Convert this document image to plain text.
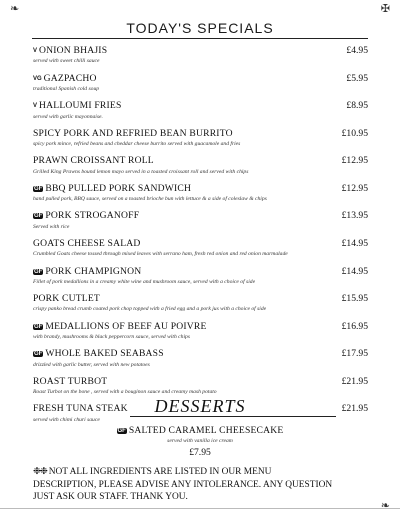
❧	✠
❧
TODAY'S SPECIALS
V ONION BHAJIS	£4.95
served with sweet chilli sauce
VG GAZPACHO	£5.95
traditional Spanish cold soup
V HALLOUMI FRIES	£8.95
served with garlic mayonnaise.
SPICY PORK AND REFRIED BEAN BURRITO	£10.95
spicy pork mince, refried beans and cheddar cheese burrito served with guacamole and fries
PRAWN CROISSANT ROLL	£12.95
Grilled King Prawns bound lemon mayo served in a toasted croissant roll and served with chips
GF BBQ PULLED PORK SANDWICH	£12.95
hand pulled pork, BBQ sauce, served on a toasted brioche bun with lettuce & a side of coleslaw & chips
GF PORK STROGANOFF	£13.95
Served with rice
GOATS CHEESE SALAD	£14.95
Crumbled Goats cheese tossed through mixed leaves with serrano ham, fresh red onion and red onion marmalade
GF PORK CHAMPIGNON	£14.95
Fillet of pork medallions in a creamy white wine and mushroom sauce, served with a choice of side
PORK CUTLET	£15.95
crispy panko bread crumb coated pork chop topped with a fried egg and a pork jus with a choice of side
GF MEDALLIONS OF BEEF AU POIVRE	£16.95
with brandy, mushrooms & black peppercorn sauce, served with chips
GF WHOLE BAKED SEABASS	£17.95
drizzled with garlic butter, served with new potatoes
ROAST TURBOT	£21.95
Roast Turbot on the bone , served with a bouginon sauce and creamy mash potato
FRESH TUNA STEAK	£21.95
served with chimi churi sauce
DESSERTS
GF SALTED CARAMEL CHEESECAKE
served with vanilla ice cream
£7.95
❉❉ NOT ALL INGREDIENTS ARE LISTED IN OUR MENU DESCRIPTION, PLEASE ADVISE ANY INTOLERANCE. ANY QUESTION JUST ASK OUR STAFF. THANK YOU.
